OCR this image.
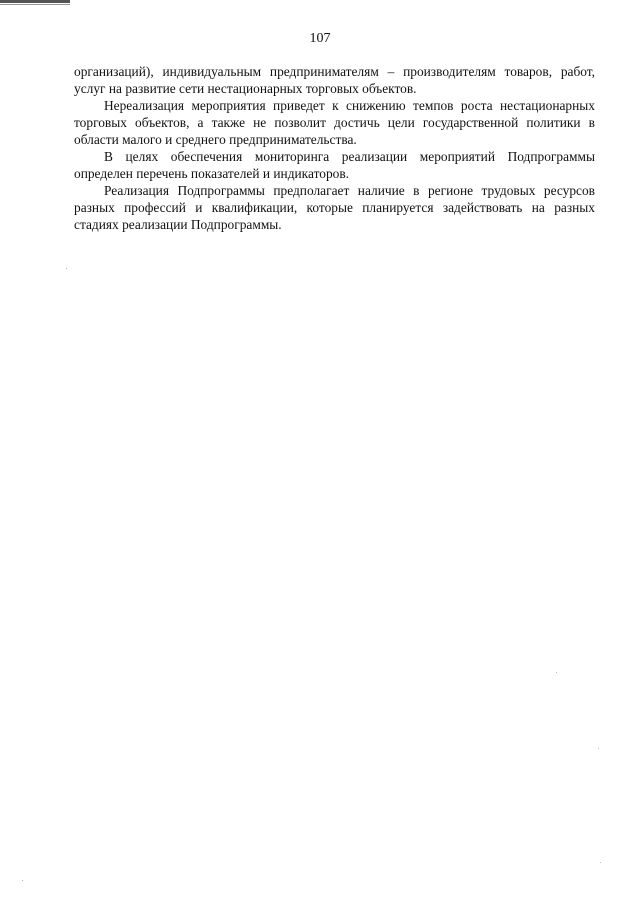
107

организаций), индивидуальным предпринимателям – производителям товаров, работ, услуг на развитие сети нестационарных торговых объектов.

Нереализация мероприятия приведет к снижению темпов роста нестационарных торговых объектов, а также не позволит достичь цели государственной политики в области малого и среднего предпринимательства.

В целях обеспечения мониторинга реализации мероприятий Подпрограммы определен перечень показателей и индикаторов.

Реализация Подпрограммы предполагает наличие в регионе трудовых ресурсов разных профессий и квалификации, которые планируется задействовать на разных стадиях реализации Подпрограммы.
